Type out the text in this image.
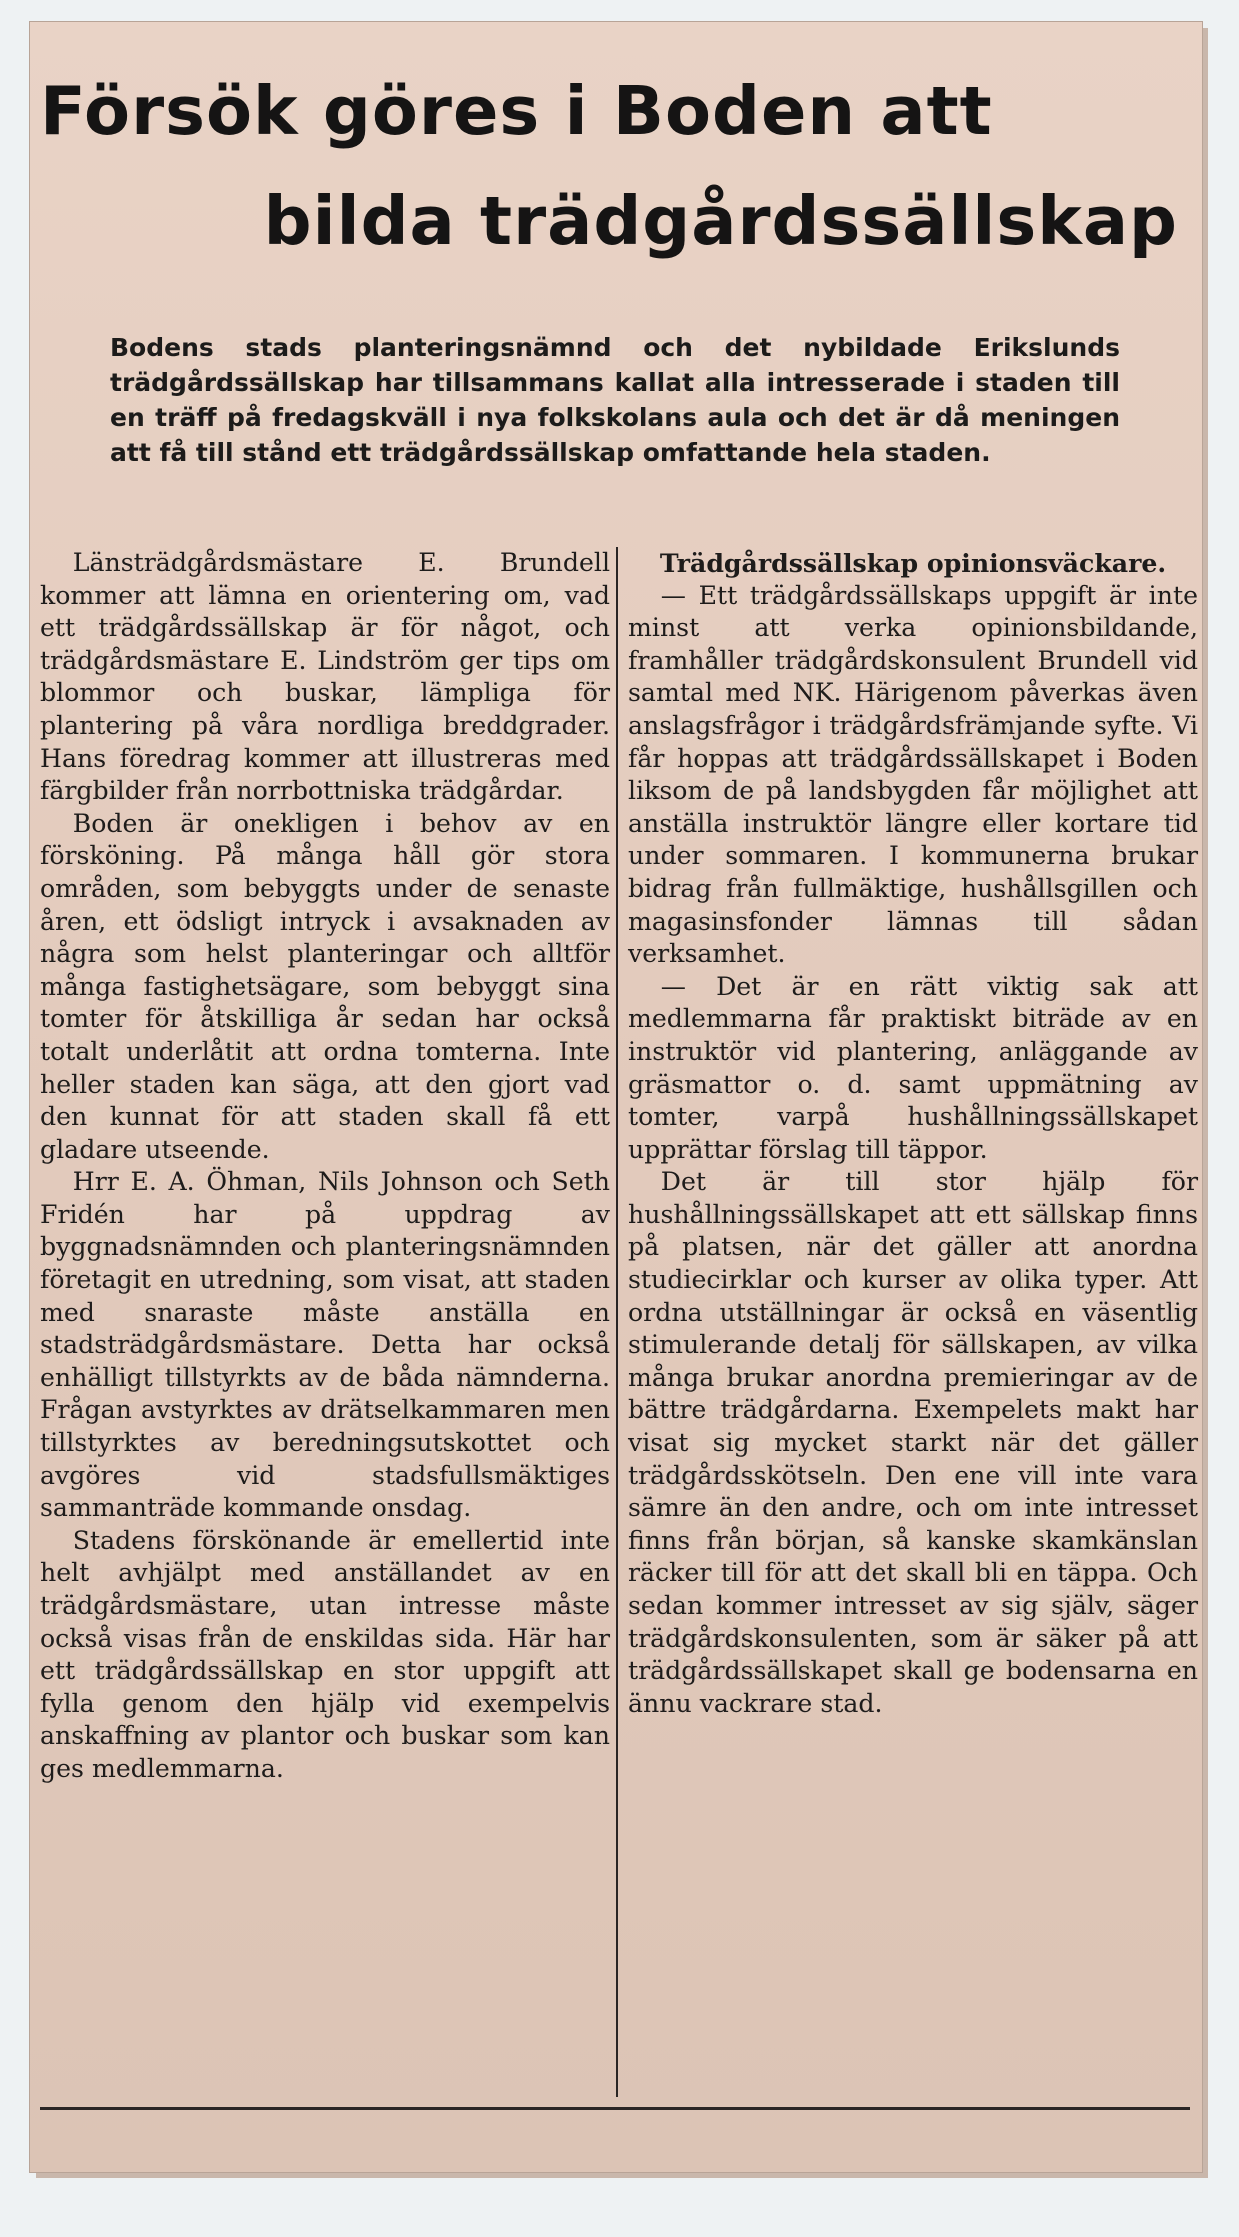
Försök göres i Boden att
bilda trädgårdssällskap

Bodens stads planteringsnämnd och det nybildade Erikslunds trädgårdssällskap har tillsammans kallat alla intresserade i staden till en träff på fredagskväll i nya folkskolans aula och det är då meningen att få till stånd ett trädgårdssällskap omfattande hela staden.

Länsträdgårdsmästare E. Brundell kommer att lämna en orientering om, vad ett trädgårdssällskap är för något, och trädgårdsmästare E. Lindström ger tips om blommor och buskar, lämpliga för plantering på våra nordliga breddgrader. Hans föredrag kommer att illustreras med färgbilder från norrbottniska trädgårdar.

Boden är onekligen i behov av en försköning. På många håll gör stora områden, som bebyggts under de senaste åren, ett ödsligt intryck i avsaknaden av några som helst planteringar och alltför många fastighetsägare, som bebyggt sina tomter för åtskilliga år sedan har också totalt underlåtit att ordna tomterna. Inte heller staden kan säga, att den gjort vad den kunnat för att staden skall få ett gladare utseende.

Hrr E. A. Öhman, Nils Johnson och Seth Fridén har på uppdrag av byggnadsnämnden och planteringsnämnden företagit en utredning, som visat, att staden med snaraste måste anställa en stadsträdgårdsmästare. Detta har också enhälligt tillstyrkts av de båda nämnderna. Frågan avstyrktes av drätselkammaren men tillstyrktes av beredningsutskottet och avgöres vid stadsfullsmäktiges sammanträde kommande onsdag.

Stadens förskönande är emellertid inte helt avhjälpt med anställandet av en trädgårdsmästare, utan intresse måste också visas från de enskildas sida. Här har ett trädgårdssällskap en stor uppgift att fylla genom den hjälp vid exempelvis anskaffning av plantor och buskar som kan ges medlemmarna.

Trädgårdssällskap opinionsväckare.

— Ett trädgårdssällskaps uppgift är inte minst att verka opinionsbildande, framhåller trädgårdskonsulent Brundell vid samtal med NK. Härigenom påverkas även anslagsfrågor i trädgårdsfrämjande syfte. Vi får hoppas att trädgårdssällskapet i Boden liksom de på landsbygden får möjlighet att anställa instruktör längre eller kortare tid under sommaren. I kommunerna brukar bidrag från fullmäktige, hushållsgillen och magasinsfonder lämnas till sådan verksamhet.

— Det är en rätt viktig sak att medlemmarna får praktiskt biträde av en instruktör vid plantering, anläggande av gräsmattor o. d. samt uppmätning av tomter, varpå hushållningssällskapet upprättar förslag till täppor.

Det är till stor hjälp för hushållningssällskapet att ett sällskap finns på platsen, när det gäller att anordna studiecirklar och kurser av olika typer. Att ordna utställningar är också en väsentlig stimulerande detalj för sällskapen, av vilka många brukar anordna premieringar av de bättre trädgårdarna. Exempelets makt har visat sig mycket starkt när det gäller trädgårdsskötseln. Den ene vill inte vara sämre än den andre, och om inte intresset finns från början, så kanske skamkänslan räcker till för att det skall bli en täppa. Och sedan kommer intresset av sig själv, säger trädgårdskonsulenten, som är säker på att trädgårdssällskapet skall ge bodensarna en ännu vackrare stad.
